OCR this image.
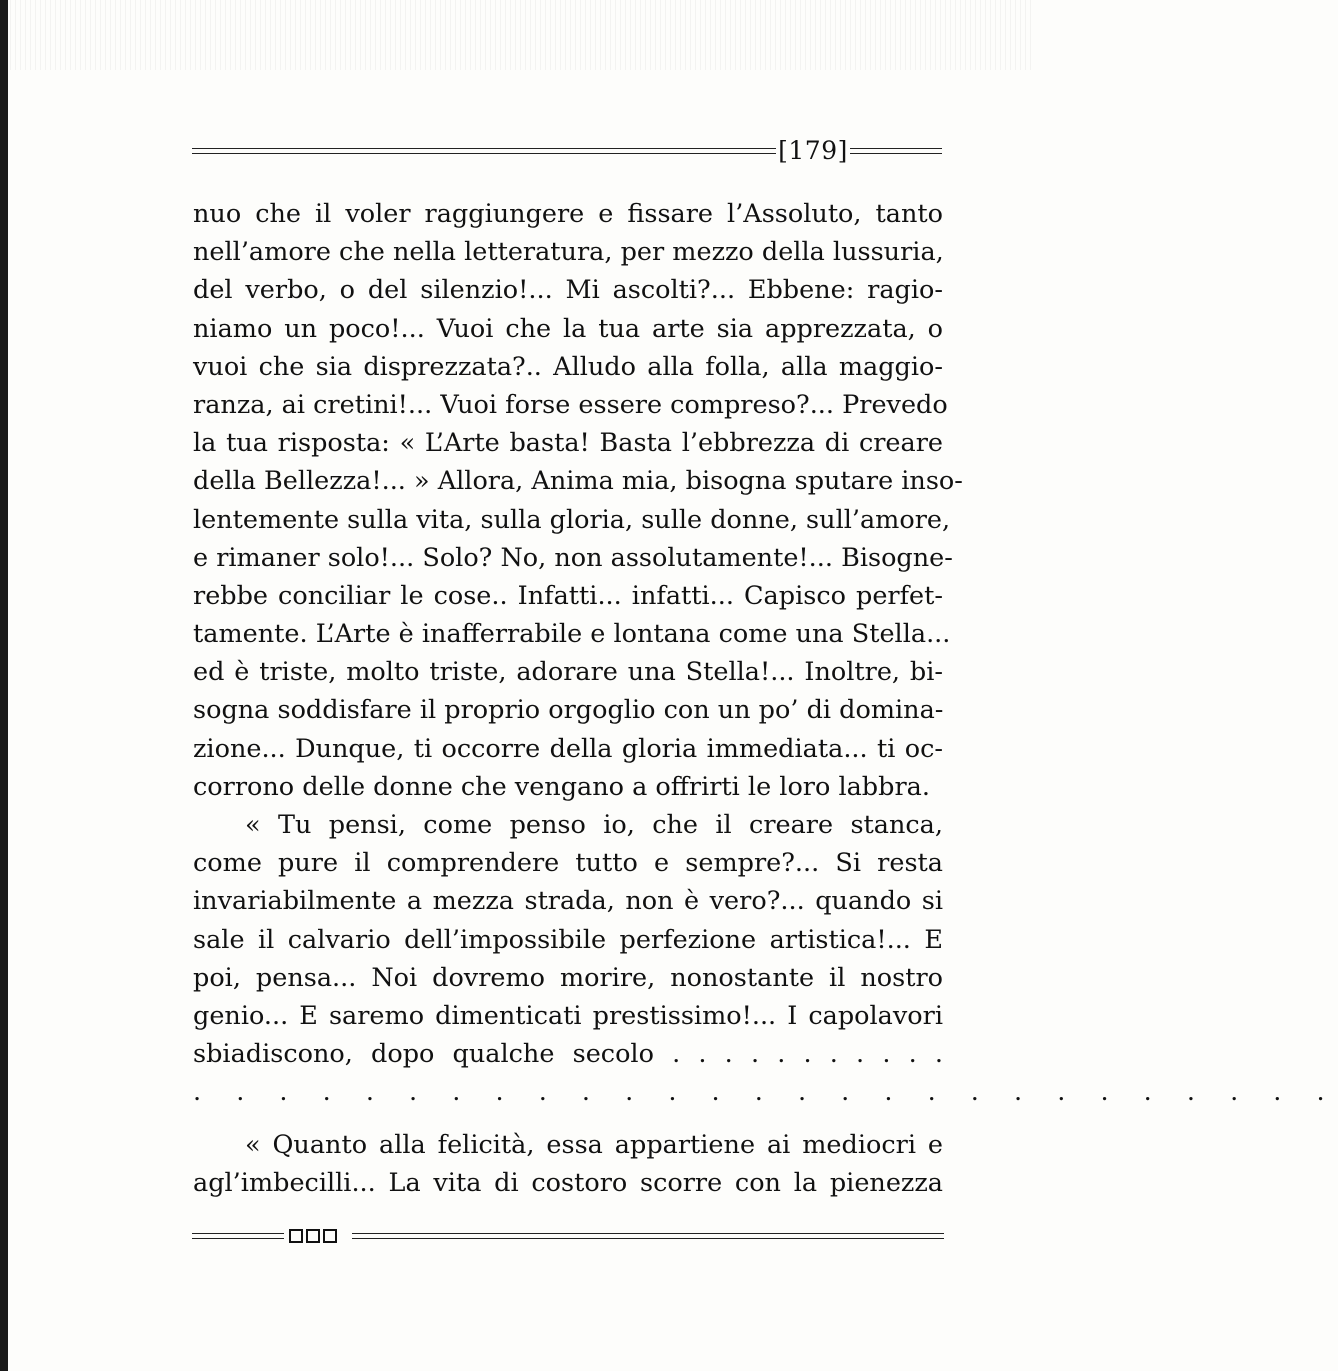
[179]
nuo che il voler raggiungere e fissare l’Assoluto, tanto
nell’amore che nella letteratura, per mezzo della lussuria,
del verbo, o del silenzio!... Mi ascolti?... Ebbene: ragio-
niamo un poco!... Vuoi che la tua arte sia apprezzata, o
vuoi che sia disprezzata?.. Alludo alla folla, alla maggio-
ranza, ai cretini!... Vuoi forse essere compreso?... Prevedo
la tua risposta: « L’Arte basta! Basta l’ebbrezza di creare
della Bellezza!... » Allora, Anima mia, bisogna sputare inso-
lentemente sulla vita, sulla gloria, sulle donne, sull’amore,
e rimaner solo!... Solo? No, non assolutamente!... Bisogne-
rebbe conciliar le cose.. Infatti... infatti... Capisco perfet-
tamente. L’Arte è inafferrabile e lontana come una Stella...
ed è triste, molto triste, adorare una Stella!... Inoltre, bi-
sogna soddisfare il proprio orgoglio con un po’ di domina-
zione... Dunque, ti occorre della gloria immediata... ti oc-
corrono delle donne che vengano a offrirti le loro labbra.
« Tu pensi, come penso io, che il creare stanca,
come pure il comprendere tutto e sempre?... Si resta
invariabilmente a mezza strada, non è vero?... quando si
sale il calvario dell’impossibile perfezione artistica!... E
poi, pensa... Noi dovremo morire, nonostante il nostro
genio... E saremo dimenticati prestissimo!... I capolavori
sbiadiscono, dopo qualche secolo . . . . . . . . . . .
. . . . . . . . . . . . . . . . . . . . . . . . . . .
« Quanto alla felicità, essa appartiene ai mediocri e
agl’imbecilli... La vita di costoro scorre con la pienezza
